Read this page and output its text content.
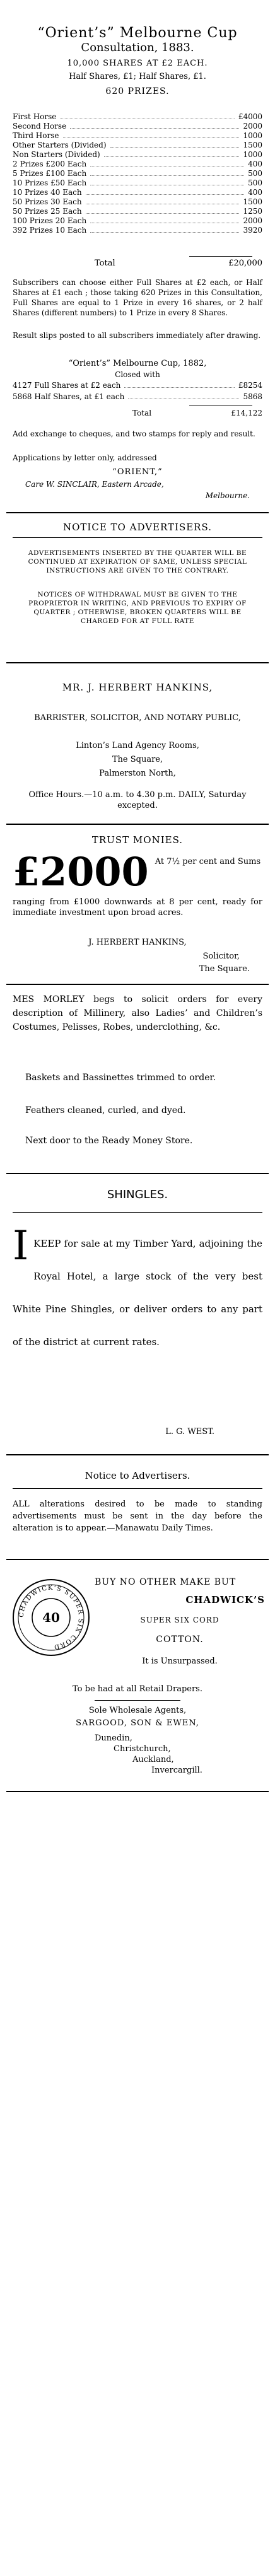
“Orient’s” Melbourne Cup
Consultation, 1883.
10,000 SHARES AT £2 EACH.
Half Shares, £1; Half Shares, £1.
620 PRIZES.
First Horse	£4000
Second Horse	2000
Third Horse	1000
Other Starters (Divided)	1500
Non Starters (Divided)	1000
2 Prizes £200 Each	400
5 Prizes £100 Each	500
10 Prizes £50 Each	500
10 Prizes 40 Each	400
50 Prizes 30 Each	1500
50 Prizes 25 Each	1250
100 Prizes 20 Each	2000
392 Prizes 10 Each	3920
Total	£20,000
Subscribers can choose either Full Shares at £2 each, or Half Shares at £1 each ; those taking 620 Prizes in this Consultation, Full Shares are equal to 1 Prize in every 16 shares, or 2 half Shares (different numbers) to 1 Prize in every 8 Shares.
Result slips posted to all subscribers immediately after drawing.
“Orient’s” Melbourne Cup, 1882,
Closed with
4127 Full Shares at £2 each	£8254
5868 Half Shares, at £1 each	5868
Total	£14,122
Add exchange to cheques, and two stamps for reply and result.
Applications by letter only, addressed
“ORIENT,”
Care W. SINCLAIR, Eastern Arcade,
Melbourne.
NOTICE TO ADVERTISERS.
ADVERTISEMENTS INSERTED BY THE QUARTER WILL BE CONTINUED AT EXPIRATION OF SAME, UNLESS SPECIAL INSTRUCTIONS ARE GIVEN TO THE CONTRARY.
NOTICES OF WITHDRAWAL MUST BE GIVEN TO THE PROPRIETOR IN WRITING, AND PREVIOUS TO EXPIRY OF QUARTER ; OTHERWISE, BROKEN QUARTERS WILL BE CHARGED FOR AT FULL RATE
MR. J. HERBERT HANKINS,
BARRISTER, SOLICITOR, AND NOTARY PUBLIC,
Linton’s Land Agency Rooms,
The Square,
Palmerston North,
Office Hours.—10 a.m. to 4.30 p.m. DAILY, Saturday excepted.
TRUST MONIES.
£2000 At 7½ per cent and Sums
ranging from £1000 downwards at 8 per cent, ready for immediate investment upon broad acres.
J. HERBERT HANKINS,
Solicitor,
The Square.
MES MORLEY begs to solicit orders for every description of Millinery, also Ladies’ and Children’s Costumes, Pelisses, Robes, underclothing, &c.
Baskets and Bassinettes trimmed to order.
Feathers cleaned, curled, and dyed.
Next door to the Ready Money Store.
SHINGLES.
I KEEP for sale at my Timber Yard, adjoining the Royal Hotel, a large stock of the very best White Pine Shingles, or deliver orders to any part of the district at current rates.
L. G. WEST.
Notice to Advertisers.
ALL alterations desired to be made to standing advertisements must be sent in the day before the alteration is to appear.—Manawatu Daily Times.
CHADWICK'S SUPER SIX CORD
40
BUY NO OTHER MAKE BUT
CHADWICK’S
SUPER SIX CORD
COTTON.
It is Unsurpassed.
To be had at all Retail Drapers.
Sole Wholesale Agents,
SARGOOD, SON & EWEN,
Dunedin,
Christchurch,
Auckland,
Invercargill.
